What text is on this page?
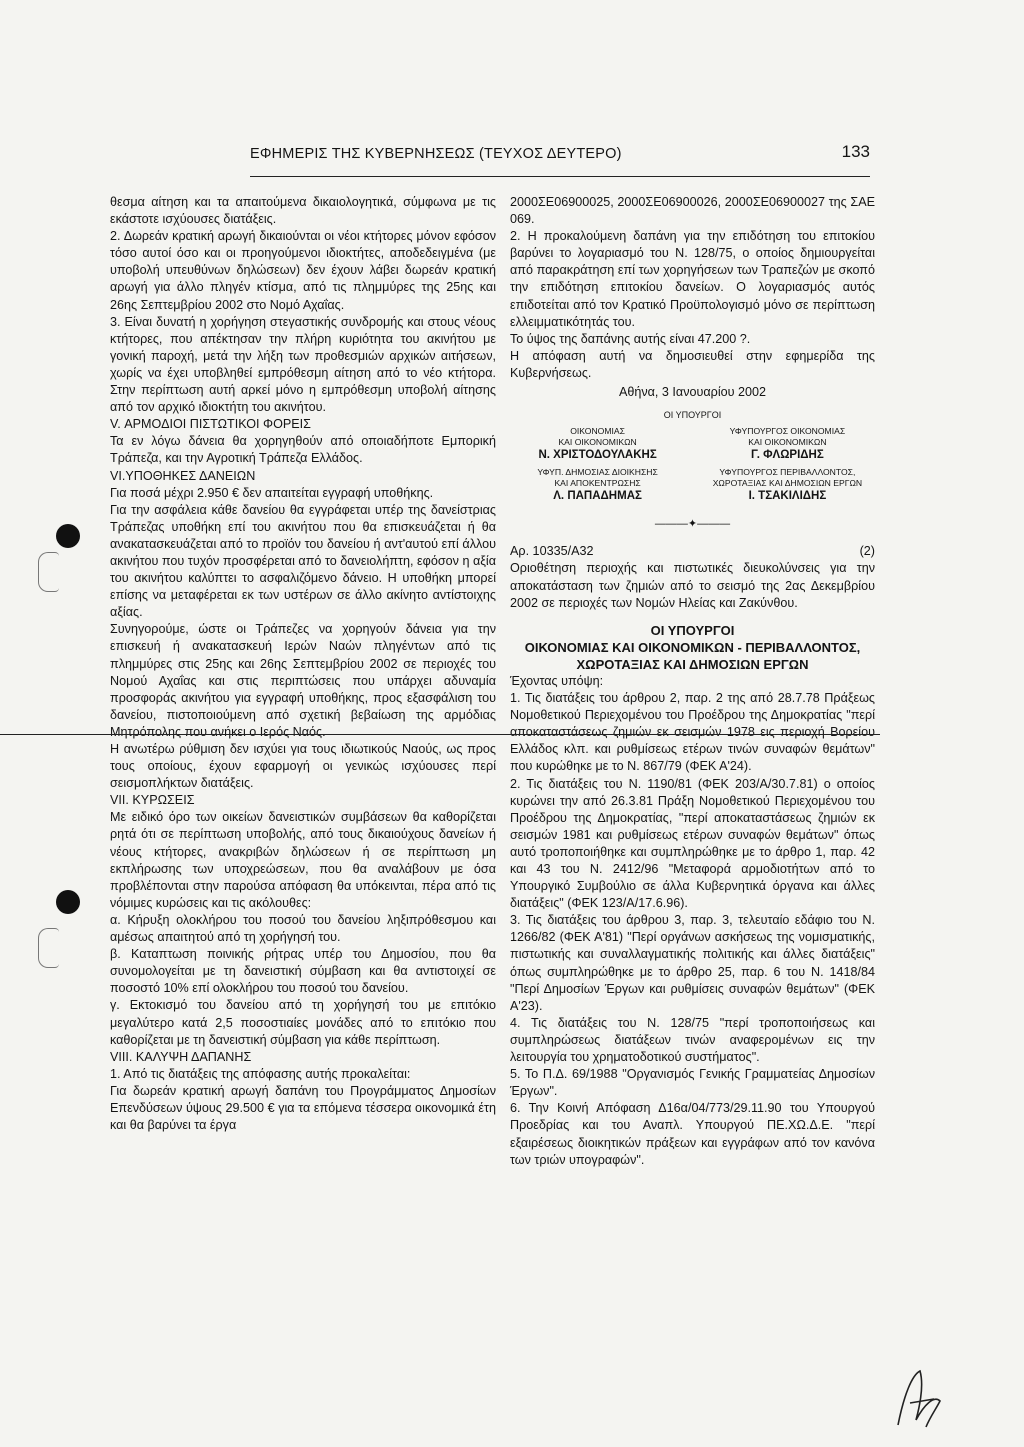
ΕΦΗΜΕΡΙΣ ΤΗΣ ΚΥΒΕΡΝΗΣΕΩΣ (ΤΕΥΧΟΣ ΔΕΥΤΕΡΟ)	133

θεσμα αίτηση και τα απαιτούμενα δικαιολογητικά, σύμφωνα με τις εκάστοτε ισχύουσες διατάξεις.

2. Δωρεάν κρατική αρωγή δικαιούνται οι νέοι κτήτορες μόνον εφόσον τόσο αυτοί όσο και οι προηγούμενοι ιδιοκτήτες, αποδεδειγμένα (με υποβολή υπευθύνων δηλώσεων) δεν έχουν λάβει δωρεάν κρατική αρωγή για άλλο πληγέν κτίσμα, από τις πλημμύρες της 25ης και 26ης Σεπτεμβρίου 2002 στο Νομό Αχαΐας.

3. Είναι δυνατή η χορήγηση στεγαστικής συνδρομής και στους νέους κτήτορες, που απέκτησαν την πλήρη κυριότητα του ακινήτου με γονική παροχή, μετά την λήξη των προθεσμιών αρχικών αιτήσεων, χωρίς να έχει υποβληθεί εμπρόθεσμη αίτηση από το νέο κτήτορα. Στην περίπτωση αυτή αρκεί μόνο η εμπρόθεσμη υποβολή αίτησης από τον αρχικό ιδιοκτήτη του ακινήτου.

V. ΑΡΜΟΔΙΟΙ ΠΙΣΤΩΤΙΚΟΙ ΦΟΡΕΙΣ

Τα εν λόγω δάνεια θα χορηγηθούν από οποιαδήποτε Εμπορική Τράπεζα, και την Αγροτική Τράπεζα Ελλάδος.

VI.ΥΠΟΘΗΚΕΣ ΔΑΝΕΙΩΝ

Για ποσά μέχρι 2.950 € δεν απαιτείται εγγραφή υποθήκης.

Για την ασφάλεια κάθε δανείου θα εγγράφεται υπέρ της δανείστριας Τράπεζας υποθήκη επί του ακινήτου που θα επισκευάζεται ή θα ανακατασκευάζεται από το προϊόν του δανείου ή αντ'αυτού επί άλλου ακινήτου που τυχόν προσφέρεται από το δανειολήπτη, εφόσον η αξία του ακινήτου καλύπτει το ασφαλιζόμενο δάνειο. Η υποθήκη μπορεί επίσης να μεταφέρεται εκ των υστέρων σε άλλο ακίνητο αντίστοιχης αξίας.

Συνηγορούμε, ώστε οι Τράπεζες να χορηγούν δάνεια για την επισκευή ή ανακατασκευή Ιερών Ναών πληγέντων από τις πλημμύρες στις 25ης και 26ης Σεπτεμβρίου 2002 σε περιοχές του Νομού Αχαΐας και στις περιπτώσεις που υπάρχει αδυναμία προσφοράς ακινήτου για εγγραφή υποθήκης, προς εξασφάλιση του δανείου, πιστοποιούμενη από σχετική βεβαίωση της αρμόδιας Μητρόπολης που ανήκει ο Ιερός Ναός.

Η ανωτέρω ρύθμιση δεν ισχύει για τους ιδιωτικούς Ναούς, ως προς τους οποίους, έχουν εφαρμογή οι γενικώς ισχύουσες περί σεισμοπλήκτων διατάξεις.

VII. ΚΥΡΩΣΕΙΣ

Με ειδικό όρο των οικείων δανειστικών συμβάσεων θα καθορίζεται ρητά ότι σε περίπτωση υποβολής, από τους δικαιούχους δανείων ή νέους κτήτορες, ανακριβών δηλώσεων ή σε περίπτωση μη εκπλήρωσης των υποχρεώσεων, που θα αναλάβουν με όσα προβλέπονται στην παρούσα απόφαση θα υπόκεινται, πέρα από τις νόμιμες κυρώσεις και τις ακόλουθες:

α. Κήρυξη ολοκλήρου του ποσού του δανείου ληξιπρόθεσμου και αμέσως απαιτητού από τη χορήγησή του.

β. Καταπτωση ποινικής ρήτρας υπέρ του Δημοσίου, που θα συνομολογείται με τη δανειστική σύμβαση και θα αντιστοιχεί σε ποσοστό 10% επί ολοκλήρου του ποσού του δανείου.

γ. Εκτοκισμό του δανείου από τη χορήγησή του με επιτόκιο μεγαλύτερο κατά 2,5 ποσοστιαίες μονάδες από το επιτόκιο που καθορίζεται με τη δανειστική σύμβαση για κάθε περίπτωση.

VIII. ΚΑΛΥΨΗ ΔΑΠΑΝΗΣ

1. Από τις διατάξεις της απόφασης αυτής προκαλείται:

Για δωρεάν κρατική αρωγή δαπάνη του Προγράμματος Δημοσίων Επενδύσεων ύψους 29.500 € για τα επόμενα τέσσερα οικονομικά έτη και θα βαρύνει τα έργα

2000ΣΕ06900025, 2000ΣΕ06900026, 2000ΣΕ06900027 της ΣΑΕ 069.

2. Η προκαλούμενη δαπάνη για την επιδότηση του επιτοκίου βαρύνει το λογαριασμό του Ν. 128/75, ο οποίος δημιουργείται από παρακράτηση επί των χορηγήσεων των Τραπεζών με σκοπό την επιδότηση επιτοκίου δανείων. Ο λογαριασμός αυτός επιδοτείται από τον Κρατικό Προϋπολογισμό μόνο σε περίπτωση ελλειμματικότητάς του.

Το ύψος της δαπάνης αυτής είναι 47.200 ?.

Η απόφαση αυτή να δημοσιευθεί στην εφημερίδα της Κυβερνήσεως.

Αθήνα, 3 Ιανουαρίου 2002

ΟΙ ΥΠΟΥΡΓΟΙ

ΟΙΚΟΝΟΜΙΑΣ
ΚΑΙ ΟΙΚΟΝΟΜΙΚΩΝ
Ν. ΧΡΙΣΤΟΔΟΥΛΑΚΗΣ
ΥΦΥΠ. ΔΗΜΟΣΙΑΣ ΔΙΟΙΚΗΣΗΣ
ΚΑΙ ΑΠΟΚΕΝΤΡΩΣΗΣ
Λ. ΠΑΠΑΔΗΜΑΣ
ΥΦΥΠΟΥΡΓΟΣ ΟΙΚΟΝΟΜΙΑΣ
ΚΑΙ ΟΙΚΟΝΟΜΙΚΩΝ
Γ. ΦΛΩΡΙΔΗΣ
ΥΦΥΠΟΥΡΓΟΣ ΠΕΡΙΒΑΛΛΟΝΤΟΣ,
ΧΩΡΟΤΑΞΙΑΣ ΚΑΙ ΔΗΜΟΣΙΩΝ ΕΡΓΩΝ
Ι. ΤΣΑΚΙΛΙΔΗΣ

———✦———

Αρ. 10335/Α32	(2)

Οριοθέτηση περιοχής και πιστωτικές διευκολύνσεις για την αποκατάσταση των ζημιών από το σεισμό της 2ας Δεκεμβρίου 2002 σε περιοχές των Νομών Ηλείας και Ζακύνθου.

ΟΙ ΥΠΟΥΡΓΟΙ

ΟΙΚΟΝΟΜΙΑΣ ΚΑΙ ΟΙΚΟΝΟΜΙΚΩΝ - ΠΕΡΙΒΑΛΛΟΝΤΟΣ, ΧΩΡΟΤΑΞΙΑΣ ΚΑΙ ΔΗΜΟΣΙΩΝ ΕΡΓΩΝ

Έχοντας υπόψη:

1. Τις διατάξεις του άρθρου 2, παρ. 2 της από 28.7.78 Πράξεως Νομοθετικού Περιεχομένου του Προέδρου της Δημοκρατίας "περί αποκαταστάσεως ζημιών εκ σεισμών 1978 εις περιοχή Βορείου Ελλάδος κλπ. και ρυθμίσεως ετέρων τινών συναφών θεμάτων" που κυρώθηκε με το Ν. 867/79 (ΦΕΚ Α'24).

2. Τις διατάξεις του Ν. 1190/81 (ΦΕΚ 203/Α/30.7.81) ο οποίος κυρώνει την από 26.3.81 Πράξη Νομοθετικού Περιεχομένου του Προέδρου της Δημοκρατίας, "περί αποκαταστάσεως ζημιών εκ σεισμών 1981 και ρυθμίσεως ετέρων συναφών θεμάτων" όπως αυτό τροποποιήθηκε και συμπληρώθηκε με το άρθρο 1, παρ. 42 και 43 του Ν. 2412/96 "Μεταφορά αρμοδιοτήτων από το Υπουργικό Συμβούλιο σε άλλα Κυβερνητικά όργανα και άλλες διατάξεις" (ΦΕΚ 123/Α/17.6.96).

3. Τις διατάξεις του άρθρου 3, παρ. 3, τελευταίο εδάφιο του Ν. 1266/82 (ΦΕΚ Α'81) "Περί οργάνων ασκήσεως της νομισματικής, πιστωτικής και συναλλαγματικής πολιτικής και άλλες διατάξεις" όπως συμπληρώθηκε με το άρθρο 25, παρ. 6 του Ν. 1418/84 "Περί Δημοσίων Έργων και ρυθμίσεις συναφών θεμάτων" (ΦΕΚ Α'23).

4. Τις διατάξεις του Ν. 128/75 "περί τροποποιήσεως και συμπληρώσεως διατάξεων τινών αναφερομένων εις την λειτουργία του χρηματοδοτικού συστήματος".

5. Το Π.Δ. 69/1988 "Οργανισμός Γενικής Γραμματείας Δημοσίων Έργων".

6. Την Κοινή Απόφαση Δ16α/04/773/29.11.90 του Υπουργού Προεδρίας και του Αναπλ. Υπουργού ΠΕ.ΧΩ.Δ.Ε. "περί εξαιρέσεως διοικητικών πράξεων και εγγράφων από τον κανόνα των τριών υπογραφών".
